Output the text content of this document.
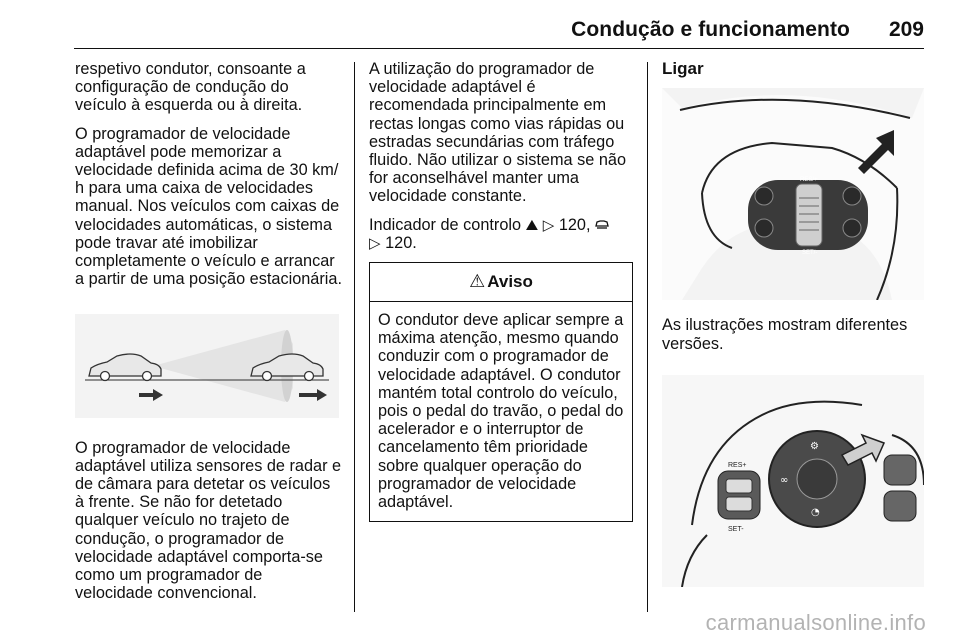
Condução e funcionamento 209

respetivo condutor, consoante a configuração de condução do veículo à esquerda ou à direita.

O programador de velocidade adaptável pode memorizar a velocidade definida acima de 30 km/ h para uma caixa de velocidades manual. Nos veículos com caixas de velocidades automáticas, o sistema pode travar até imobilizar completamente o veículo e arrancar a partir de uma posição estacionária.

O programador de velocidade adaptável utiliza sensores de radar e de câmara para detetar os veículos à frente. Se não for detetado qualquer veículo no trajeto de condução, o programador de velocidade adaptável comporta-se como um programador de velocidade convencional.

A utilização do programador de velocidade adaptável é recomendada principalmente em rectas longas como vias rápidas ou estradas secundárias com tráfego fluido. Não utilizar o sistema se não for aconselhável manter uma velocidade constante.

Indicador de controlo ⛰ ▷ 120,
▷ 120.

⚠ Aviso
O condutor deve aplicar sempre a máxima atenção, mesmo quando conduzir com o programador de velocidade adaptável. O condutor mantém total controlo do veículo, pois o pedal do travão, o pedal do acelerador e o interruptor de cancelamento têm prioridade sobre qualquer operação do programador de velocidade adaptável.
Ligar
RES/+
SET/-

As ilustrações mostram diferentes versões.

RES+
SET-
⚙
∞
◔
carmanualsonline.info
